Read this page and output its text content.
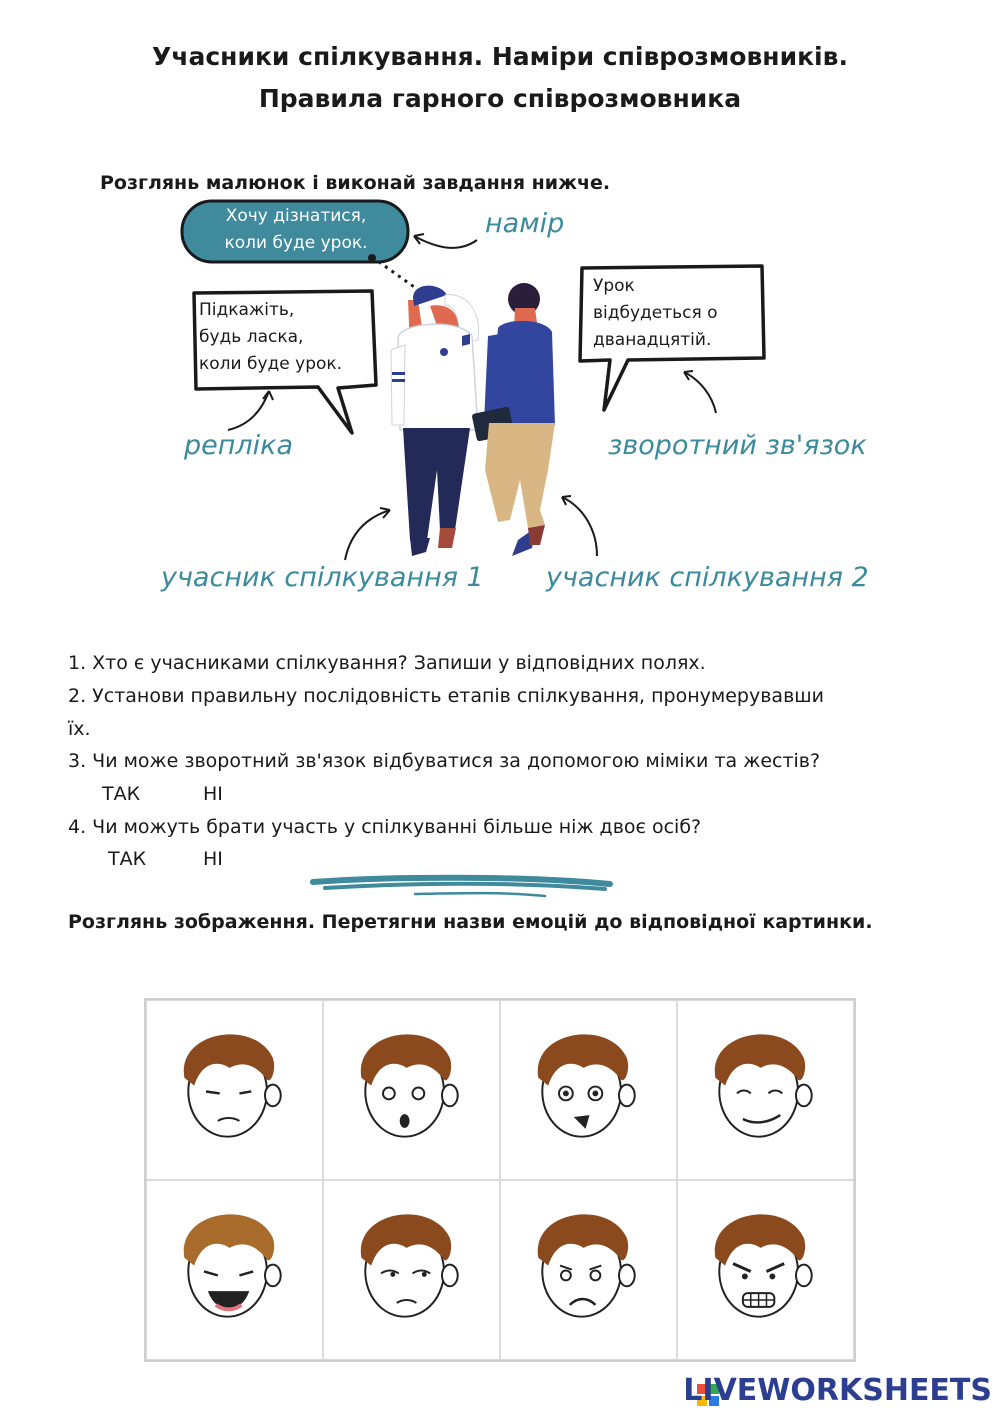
Учасники спілкування. Наміри співрозмовників.
Правила гарного співрозмовника
Розглянь малюнок і виконай завдання нижче.
Хочу дізнатися,
коли буде урок.
Підкажіть,
будь ласка,
коли буде урок.
Урок
відбудеться о
дванадцятій.
намір
репліка	зворотний зв'язок
учасник спілкування 1 учасник спілкування 2
1. Хто є учасниками спілкування? Запиши у відповідних полях.
2. Установи правильну послідовність етапів спілкування, пронумерувавши
їх.
3. Чи може зворотний зв'язок відбуватися за допомогою міміки та жестів?
ТАК	НІ
4. Чи можуть брати участь у спілкуванні більше ніж двоє осіб?
ТАК	НІ
Розглянь зображення. Перетягни назви емоцій до відповідної картинки.
LIVEWORKSHEETS
